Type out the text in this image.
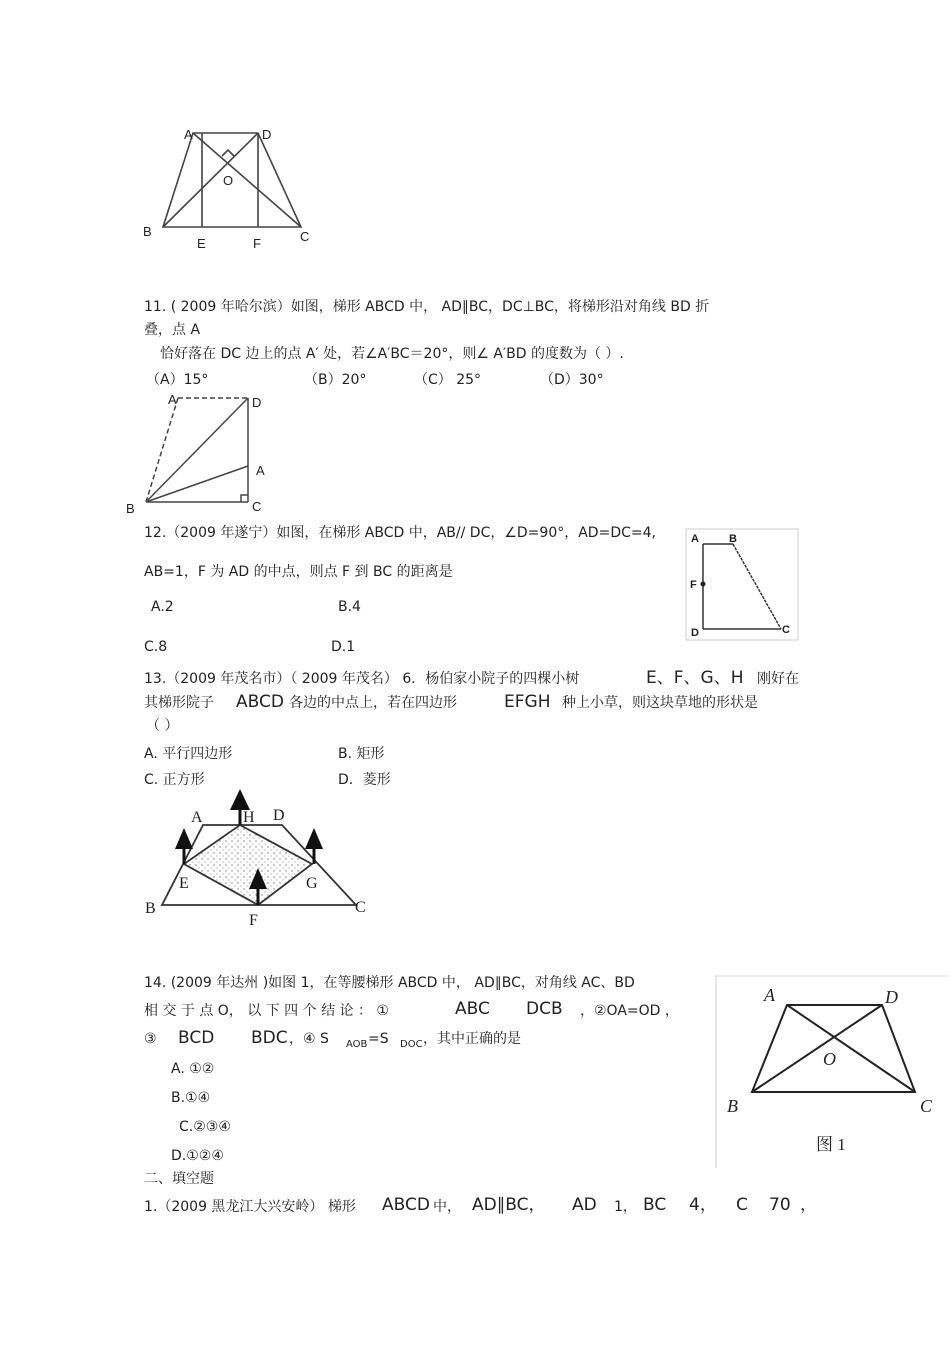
A	D
O
B
E	F	C
11. ( 2009 年哈尔滨）如图，梯形 ABCD 中， AD∥BC，DC⊥BC，将梯形沿对角线 BD 折
叠，点 A
恰好落在 DC 边上的点 A′ 处，若∠A′BC＝20°，则∠ A′BD 的度数为（ ）.
（A）15°	（B）20°	（C） 25°	（D）30°
A	D
A
B	C
12.（2009 年遂宁）如图，在梯形 ABCD 中，AB// DC，∠D=90°，AD=DC=4,
AB=1，F 为 AD 的中点，则点 F 到 BC 的距离是
A.2	B.4
C.8	D.1
A	B
F
D	C
13.（2009 年茂名市）（ 2009 年茂名） 6．杨伯家小院子的四棵小树	E、F、G、H 刚好在
其梯形院子 ABCD 各边的中点上，若在四边形	EFGH 种上小草，则这块草地的形状是
（ ）
A. 平行四边形	B. 矩形
C. 正方形	D．菱形
A	H D
E	G
B
F
C
14. (2009 年达州 )如图 1，在等腰梯形 ABCD 中， AD∥BC，对角线 AC、BD
相 交 于 点 O， 以 下 四 个 结 论 ： ①	ABC DCB ，②OA=OD ，
③ BCD BDC ，④ S AOB =S DOC ，其中正确的是
A. ①②
B.①④
C.②③④
D.①②④
A	D
O
B	C
图 1
二、填空题
1.（2009 黑龙江大兴安岭） 梯形 ABCD 中， AD∥BC， AD 1， BC 4， C 70 ，
